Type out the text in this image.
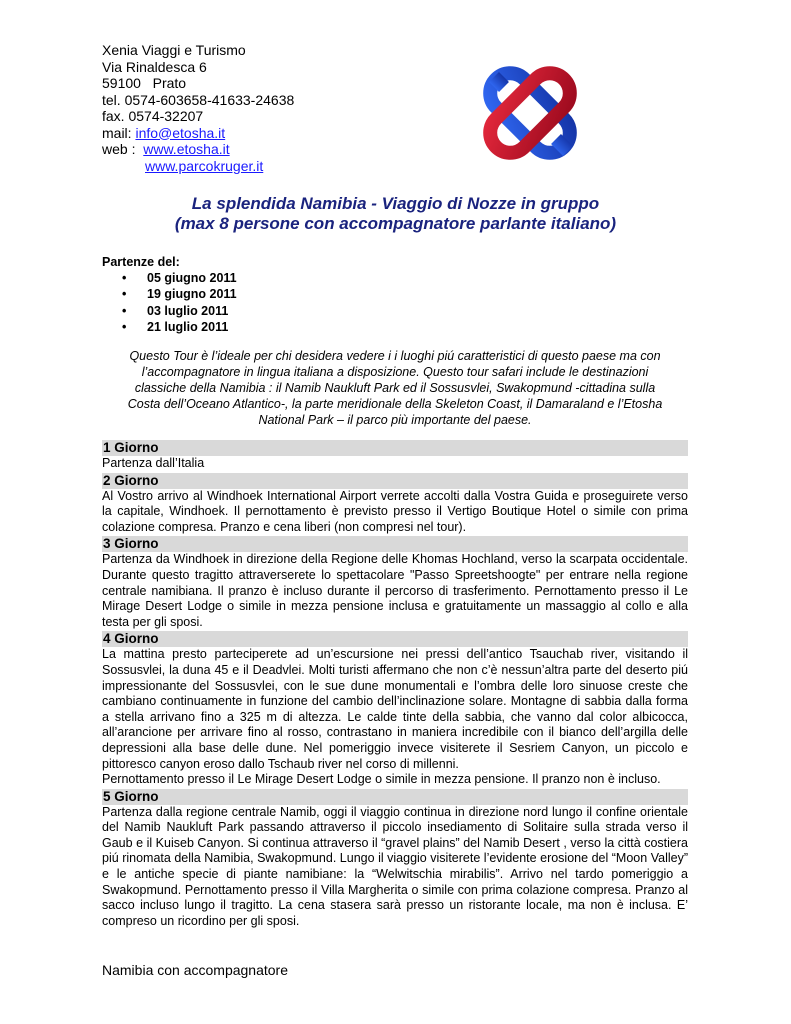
Xenia Viaggi e Turismo
Via Rinaldesca 6
59100   Prato
tel. 0574-603658-41633-24638
fax. 0574-32207
mail: info@etosha.it
web :  www.etosha.it
www.parcokruger.it
La splendida Namibia - Viaggio di Nozze in gruppo
(max 8 persone con accompagnatore parlante italiano)
Partenze del:
• 05 giugno 2011
• 19 giugno 2011
• 03 luglio 2011
• 21 luglio 2011
Questo Tour è l’ideale per chi desidera vedere i i luoghi piú caratteristici di questo paese ma con
l’accompagnatore in lingua italiana a disposizione. Questo tour safari include le destinazioni
classiche della Namibia : il Namib Naukluft Park ed il Sossusvlei, Swakopmund -cittadina sulla
Costa dell’Oceano Atlantico-, la parte meridionale della Skeleton Coast, il Damaraland e l’Etosha
National Park – il parco più importante del paese.
1 Giorno

Partenza dall’Italia

2 Giorno

Al Vostro arrivo al Windhoek International Airport verrete accolti dalla Vostra Guida e proseguirete verso la capitale, Windhoek. Il pernottamento è previsto presso il Vertigo Boutique Hotel o simile con prima colazione compresa. Pranzo e cena liberi (non compresi nel tour).

3 Giorno

Partenza da Windhoek in direzione della Regione delle Khomas Hochland, verso la scarpata occidentale. Durante questo tragitto attraverserete lo spettacolare "Passo Spreetshoogte" per entrare nella regione centrale namibiana. Il pranzo è incluso durante il percorso di trasferimento. Pernottamento presso il Le Mirage Desert Lodge o simile in mezza pensione inclusa e gratuitamente un massaggio al collo e alla testa per gli sposi.

4 Giorno

La mattina presto parteciperete ad un’escursione nei pressi dell’antico Tsauchab river, visitando il Sossusvlei, la duna 45 e il Deadvlei. Molti turisti affermano che non c’è nessun’altra parte del deserto piú impressionante del Sossusvlei, con le sue dune monumentali e l’ombra delle loro sinuose creste che cambiano continuamente in funzione del cambio dell’inclinazione solare. Montagne di sabbia dalla forma a stella arrivano fino a 325 m di altezza. Le calde tinte della sabbia, che vanno dal color albicocca, all’arancione per arrivare fino al rosso, contrastano in maniera incredibile con il bianco dell’argilla delle depressioni alla base delle dune. Nel pomeriggio invece visiterete il Sesriem Canyon, un piccolo e pittoresco canyon eroso dallo Tschaub river nel corso di millenni.

Pernottamento presso il Le Mirage Desert Lodge o simile in mezza pensione. Il pranzo non è incluso.

5 Giorno

Partenza dalla regione centrale Namib, oggi il viaggio continua in direzione nord lungo il confine orientale del Namib Naukluft Park passando attraverso il piccolo insediamento di Solitaire sulla strada verso il Gaub e il Kuiseb Canyon. Si continua attraverso il “gravel plains” del Namib Desert , verso la città costiera piú rinomata della Namibia, Swakopmund. Lungo il viaggio visiterete l’evidente erosione del “Moon Valley” e le antiche specie di piante namibiane: la “Welwitschia mirabilis”. Arrivo nel tardo pomeriggio a Swakopmund. Pernottamento presso il Villa Margherita o simile con prima colazione compresa. Pranzo al sacco incluso lungo il tragitto. La cena stasera sarà presso un ristorante locale, ma non è inclusa. E’ compreso un ricordino per gli sposi.

Namibia con accompagnatore
